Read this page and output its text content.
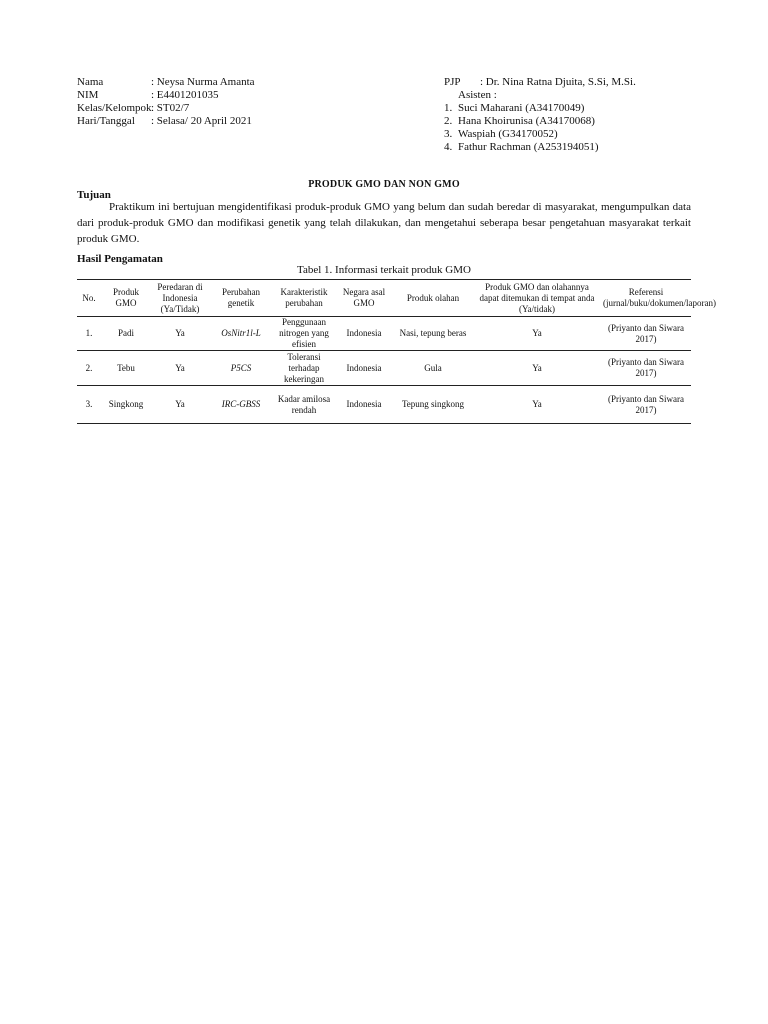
Nama	: Neysa Nurma Amanta
NIM	: E4401201035
Kelas/Kelompok : ST02/7
Hari/Tanggal : Selasa/ 20 April 2021
PJP : Dr. Nina Ratna Djuita, S.Si, M.Si.
Asisten :
1. Suci Maharani (A34170049)
2. Hana Khoirunisa (A34170068)
3. Waspiah (G34170052)
4. Fathur Rachman (A253194051)
PRODUK GMO DAN NON GMO
Tujuan

Praktikum ini bertujuan mengidentifikasi produk-produk GMO yang belum dan sudah beredar di masyarakat, mengumpulkan data dari produk-produk GMO dan modifikasi genetik yang telah dilakukan, dan mengetahui seberapa besar pengetahuan masyarakat terkait produk GMO.

Hasil Pengamatan
Tabel 1. Informasi terkait produk GMO
No.	Produk GMO	Peredaran di Indonesia (Ya/Tidak)	Perubahan genetik	Karakteristik perubahan	Negara asal GMO	Produk olahan	Produk GMO dan olahannya dapat ditemukan di tempat anda (Ya/tidak)	Referensi (jurnal/buku/dokumen/laporan)
1.	Padi	Ya	OsNitr1l-L	Penggunaan nitrogen yang efisien	Indonesia	Nasi, tepung beras	Ya	(Priyanto dan Siwara 2017)
2.	Tebu	Ya	P5CS	Toleransi terhadap kekeringan	Indonesia	Gula	Ya	(Priyanto dan Siwara 2017)
3.	Singkong	Ya	IRC-GBSS	Kadar amilosa rendah	Indonesia	Tepung singkong	Ya	(Priyanto dan Siwara 2017)
